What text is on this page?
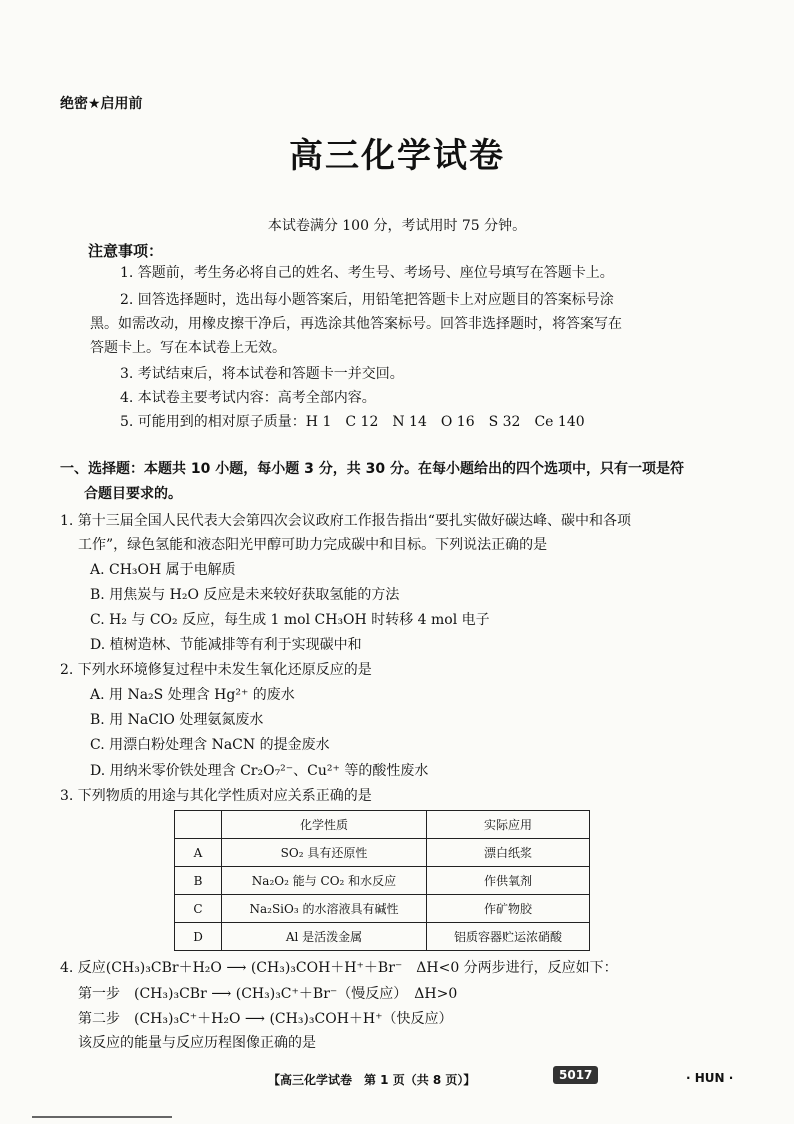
绝密★启用前
高三化学试卷
本试卷满分 100 分，考试用时 75 分钟。
注意事项：
1. 答题前，考生务必将自己的姓名、考生号、考场号、座位号填写在答题卡上。
2. 回答选择题时，选出每小题答案后，用铅笔把答题卡上对应题目的答案标号涂
黑。如需改动，用橡皮擦干净后，再选涂其他答案标号。回答非选择题时，将答案写在
答题卡上。写在本试卷上无效。
3. 考试结束后，将本试卷和答题卡一并交回。
4. 本试卷主要考试内容：高考全部内容。
5. 可能用到的相对原子质量：H 1　C 12　N 14　O 16　S 32　Ce 140
一、选择题：本题共 10 小题，每小题 3 分，共 30 分。在每小题给出的四个选项中，只有一项是符
合题目要求的。
1. 第十三届全国人民代表大会第四次会议政府工作报告指出“要扎实做好碳达峰、碳中和各项
工作”，绿色氢能和液态阳光甲醇可助力完成碳中和目标。下列说法正确的是
A. CH₃OH 属于电解质
B. 用焦炭与 H₂O 反应是未来较好获取氢能的方法
C. H₂ 与 CO₂ 反应，每生成 1 mol CH₃OH 时转移 4 mol 电子
D. 植树造林、节能减排等有利于实现碳中和
2. 下列水环境修复过程中未发生氧化还原反应的是
A. 用 Na₂S 处理含 Hg²⁺ 的废水
B. 用 NaClO 处理氨氮废水
C. 用漂白粉处理含 NaCN 的提金废水
D. 用纳米零价铁处理含 Cr₂O₇²⁻、Cu²⁺ 等的酸性废水
3. 下列物质的用途与其化学性质对应关系正确的是
	化学性质	实际应用
A	SO₂ 具有还原性	漂白纸浆
B	Na₂O₂ 能与 CO₂ 和水反应	作供氧剂
C	Na₂SiO₃ 的水溶液具有碱性	作矿物胶
D	Al 是活泼金属	铝质容器贮运浓硝酸
4. 反应(CH₃)₃CBr＋H₂O ⟶ (CH₃)₃COH＋H⁺＋Br⁻　ΔH<0 分两步进行，反应如下：
第一步　(CH₃)₃CBr ⟶ (CH₃)₃C⁺＋Br⁻（慢反应）　ΔH>0
第二步　(CH₃)₃C⁺＋H₂O ⟶ (CH₃)₃COH＋H⁺（快反应）
该反应的能量与反应历程图像正确的是
【高三化学试卷　第 1 页（共 8 页）】	5017	· HUN ·
